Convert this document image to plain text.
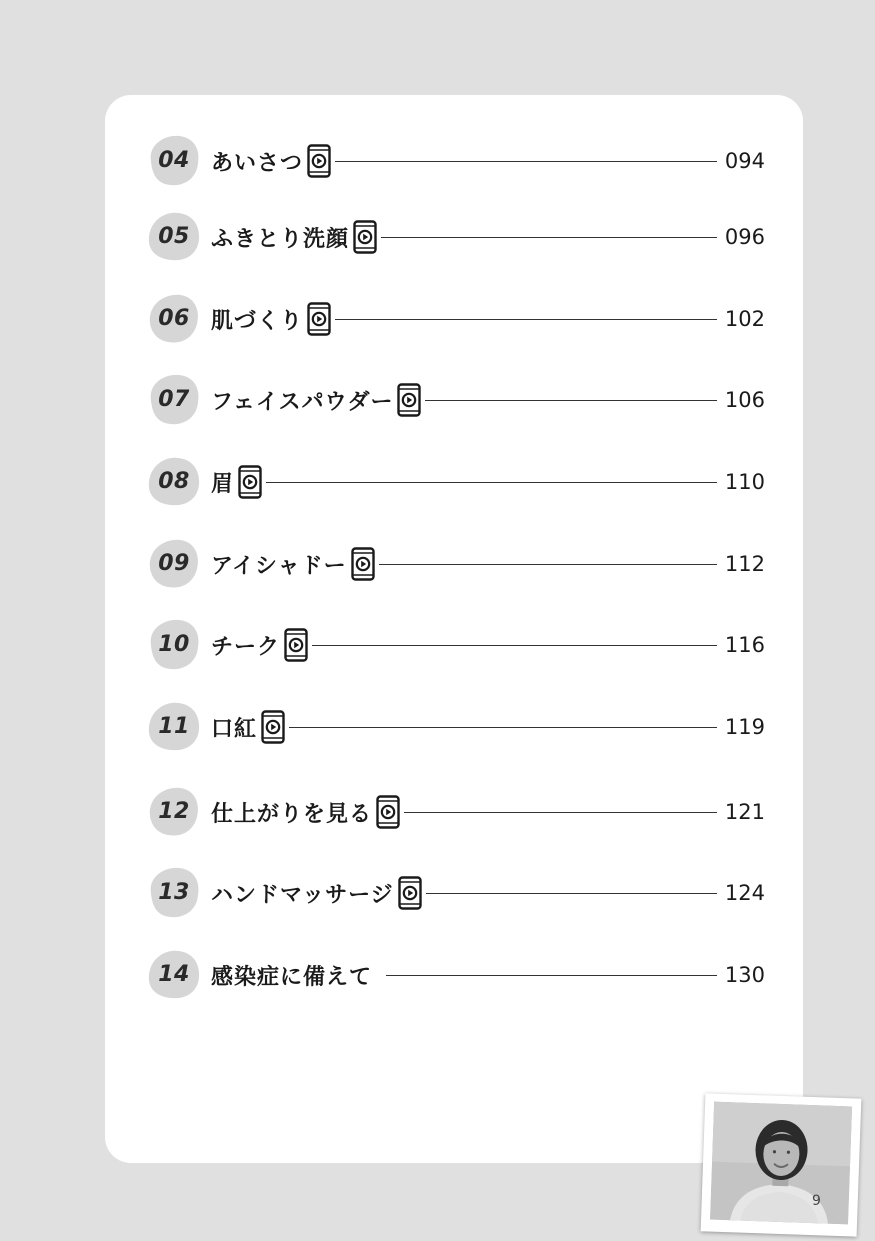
04 あいさつ	094
05 ふきとり洗顔	096
06 肌づくり	102
07 フェイスパウダー	106
08 眉	110
09 アイシャドー	112
10 チーク	116
11 口紅	119
12 仕上がりを見る	121
13 ハンドマッサージ	124
14 感染症に備えて	130
9
